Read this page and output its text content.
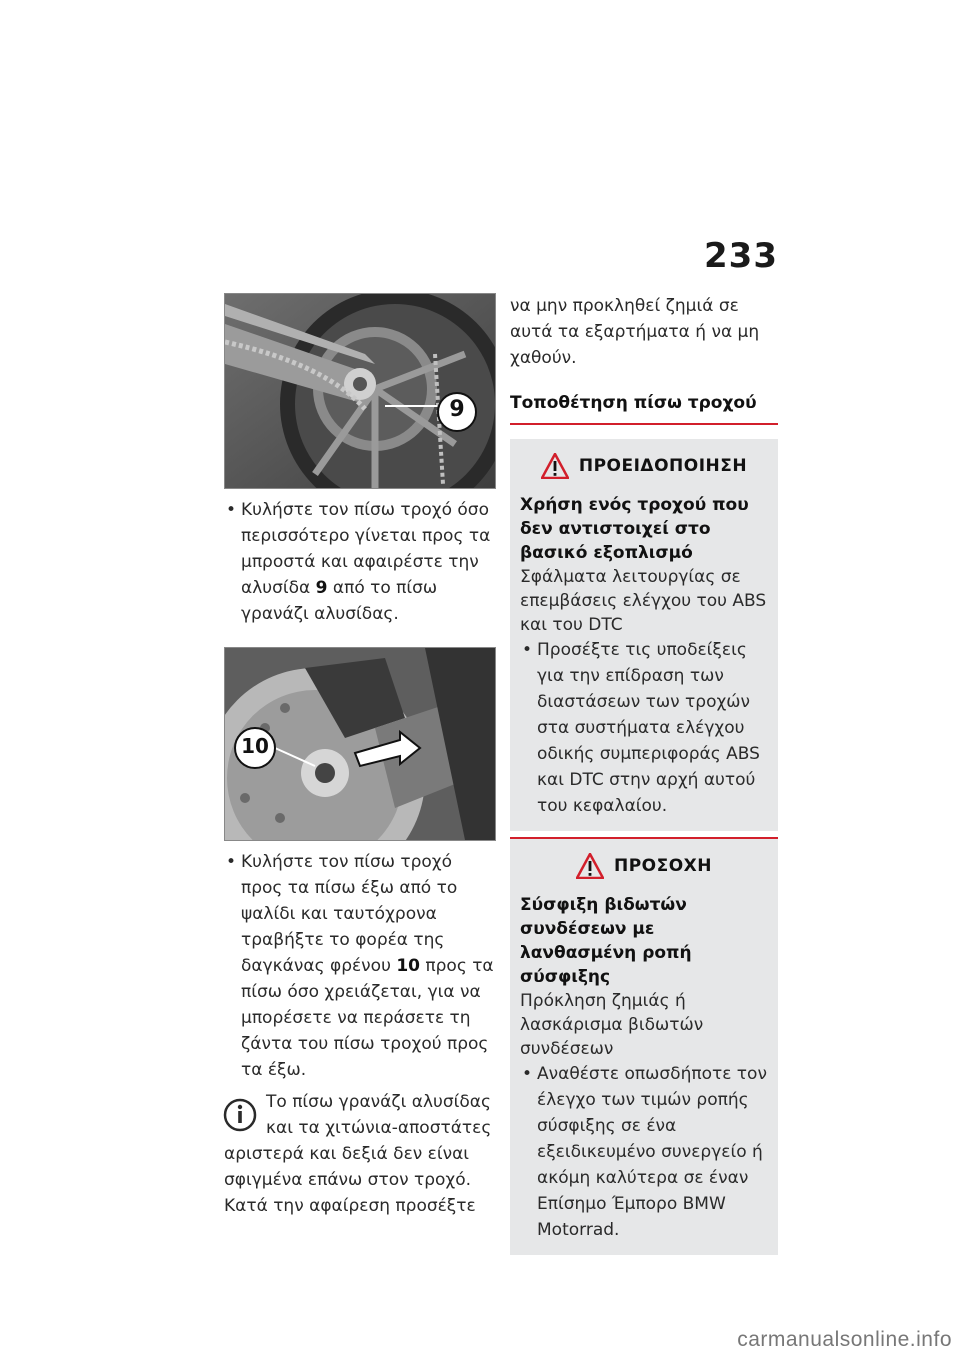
233
9
• Κυλήστε τον πίσω τροχό όσο περισσότερο γίνεται προς τα μπροστά και αφαιρέστε την αλυσίδα 9 από το πίσω γρανάζι αλυσίδας.
10
• Κυλήστε τον πίσω τροχό προς τα πίσω έξω από το ψαλίδι και ταυτόχρονα τραβήξτε το φορέα της δαγκάνας φρένου 10 προς τα πίσω όσο χρειάζεται, για να μπορέσετε να περάσετε τη ζάντα του πίσω τροχού προς τα έξω.
Το πίσω γρανάζι αλυσίδας και τα χιτώνια-αποστάτες αριστερά και δεξιά δεν είναι σφιγμένα επάνω στον τροχό. Κατά την αφαίρεση προσέξτε

να μην προκληθεί ζημιά σε αυτά τα εξαρτήματα ή να μη χαθούν.

Τοποθέτηση πίσω τροχού
ΠΡΟΕΙΔΟΠΟΙΗΣΗ

Χρήση ενός τροχού που δεν αντιστοιχεί στο βασικό εξοπλισμό

Σφάλματα λειτουργίας σε επεμβάσεις ελέγχου του ABS και του DTC

• Προσέξτε τις υποδείξεις για την επίδραση των διαστάσεων των τροχών στα συστήματα ελέγχου οδικής συμπεριφοράς ABS και DTC στην αρχή αυτού του κεφαλαίου.
ΠΡΟΣΟΧΗ

Σύσφιξη βιδωτών συνδέσεων με λανθασμένη ροπή σύσφιξης

Πρόκληση ζημιάς ή λασκάρισμα βιδωτών συνδέσεων

• Αναθέστε οπωσδήποτε τον έλεγχο των τιμών ροπής σύσφιξης σε ένα εξειδικευμένο συνεργείο ή ακόμη καλύτερα σε έναν Επίσημο Έμπορο BMW Motorrad.
carmanualsonline.info
